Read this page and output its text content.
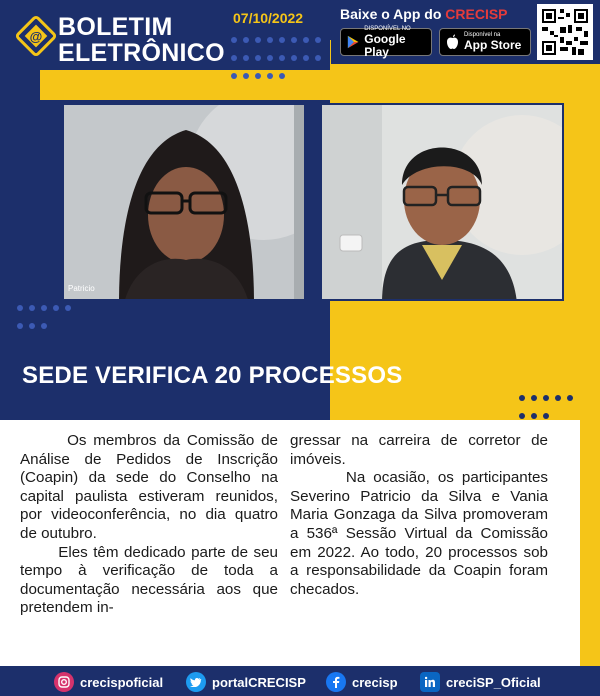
@ BOLETIM
ELETRÔNICO
07/10/2022	Baixe o App do CRECISP
DISPONÍVEL NO
Google Play
Disponível na
App Store
Patricio
SEDE VERIFICA 20 PROCESSOS

Os membros da Comissão de Análise de Pedidos de Inscrição (Coapin) da sede do Conselho na capital paulista estiveram reunidos, por videoconferência, no dia quatro de outubro.

Eles têm dedicado parte de seu tempo à verificação de toda a documentação necessária aos que pretendem in-

gressar na carreira de corretor de imóveis.

Na ocasião, os participantes Severino Patricio da Silva e Vania Maria Gonzaga da Silva promoveram a 536ª Sessão Virtual da Comissão em 2022. Ao todo, 20 processos sob a responsabilidade da Coapin foram checados.

crecispoficial	portalCRECISP	crecisp	creciSP_Oficial
